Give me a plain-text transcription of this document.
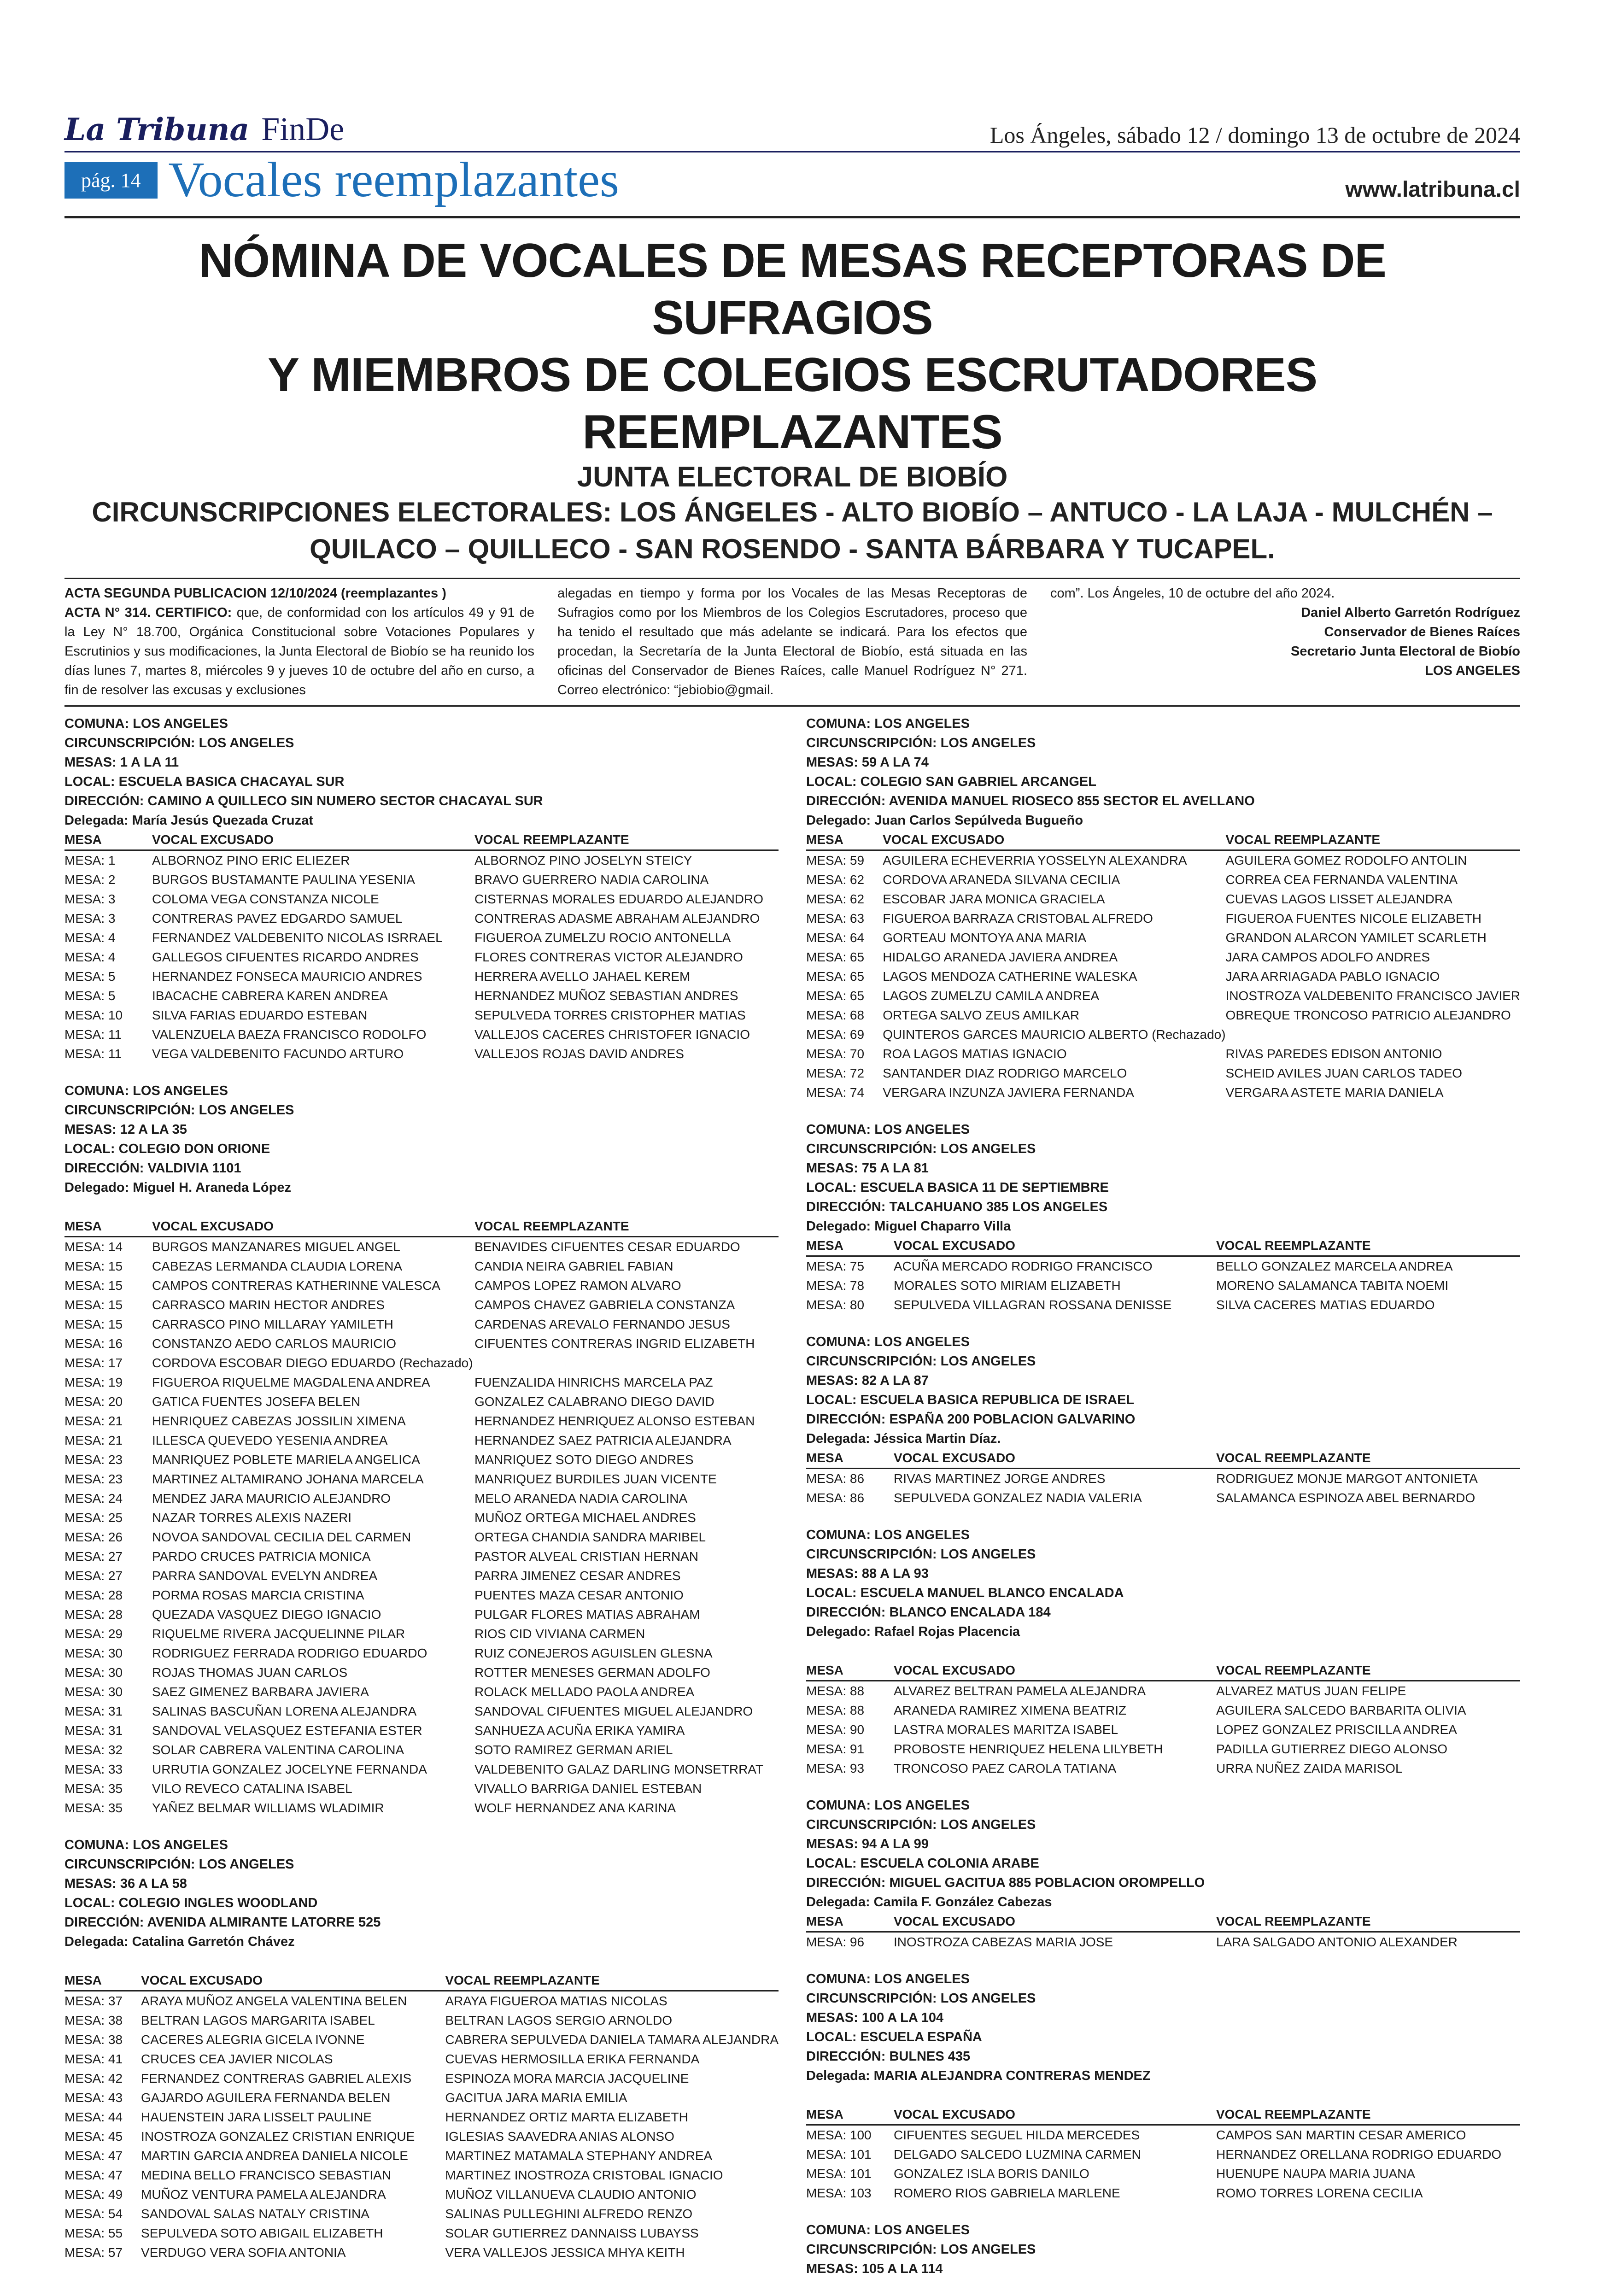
La Tribuna FinDe	Los Ángeles, sábado 12 / domingo 13 de octubre de 2024
pág. 14 Vocales reemplazantes	www.latribuna.cl
NÓMINA DE VOCALES DE MESAS RECEPTORAS DE SUFRAGIOS
Y MIEMBROS DE COLEGIOS ESCRUTADORES REEMPLAZANTES
JUNTA ELECTORAL DE BIOBÍO
CIRCUNSCRIPCIONES ELECTORALES: LOS ÁNGELES - ALTO BIOBÍO – ANTUCO - LA LAJA - MULCHÉN –
QUILACO – QUILLECO - SAN ROSENDO - SANTA BÁRBARA Y TUCAPEL.
ACTA SEGUNDA PUBLICACION 12/10/2024 (reemplazantes )
ACTA N° 314. CERTIFICO: que, de conformidad con los artículos 49 y 91 de la Ley N° 18.700, Orgánica Constitucional sobre Votaciones Populares y Escrutinios y sus modificaciones, la Junta Electoral de Biobío se ha reunido los días lunes 7, martes 8, miércoles 9 y jueves 10 de octubre del año en curso, a fin de resolver las excusas y exclusiones
alegadas en tiempo y forma por los Vocales de las Mesas Receptoras de Sufragios como por los Miembros de los Colegios Escrutadores, proceso que ha tenido el resultado que más adelante se indicará. Para los efectos que procedan, la Secretaría de la Junta Electoral de Biobío, está situada en las oficinas del Conservador de Bienes Raíces, calle Manuel Rodríguez N° 271. Correo electrónico: “jebiobio@gmail.
com”. Los Ángeles, 10 de octubre del año 2024.
Daniel Alberto Garretón Rodríguez
Conservador de Bienes Raíces
Secretario Junta Electoral de Biobío
LOS ANGELES
COMUNA: LOS ANGELES
CIRCUNSCRIPCIÓN: LOS ANGELES
MESAS: 1 A LA 11
LOCAL: ESCUELA BASICA CHACAYAL SUR
DIRECCIÓN: CAMINO A QUILLECO SIN NUMERO SECTOR CHACAYAL SUR
Delegada: María Jesús Quezada Cruzat
MESA	VOCAL EXCUSADO	VOCAL REEMPLAZANTE
MESA: 1	ALBORNOZ PINO ERIC ELIEZER	ALBORNOZ PINO JOSELYN STEICY
MESA: 2	BURGOS BUSTAMANTE PAULINA YESENIA	BRAVO GUERRERO NADIA CAROLINA
MESA: 3	COLOMA VEGA CONSTANZA NICOLE	CISTERNAS MORALES EDUARDO ALEJANDRO
MESA: 3	CONTRERAS PAVEZ EDGARDO SAMUEL	CONTRERAS ADASME ABRAHAM ALEJANDRO
MESA: 4	FERNANDEZ VALDEBENITO NICOLAS ISRRAEL	FIGUEROA ZUMELZU ROCIO ANTONELLA
MESA: 4	GALLEGOS CIFUENTES RICARDO ANDRES	FLORES CONTRERAS VICTOR ALEJANDRO
MESA: 5	HERNANDEZ FONSECA MAURICIO ANDRES	HERRERA AVELLO JAHAEL KEREM
MESA: 5	IBACACHE CABRERA KAREN ANDREA	HERNANDEZ MUÑOZ SEBASTIAN ANDRES
MESA: 10	SILVA FARIAS EDUARDO ESTEBAN	SEPULVEDA TORRES CRISTOPHER MATIAS
MESA: 11	VALENZUELA BAEZA FRANCISCO RODOLFO	VALLEJOS CACERES CHRISTOFER IGNACIO
MESA: 11	VEGA VALDEBENITO FACUNDO ARTURO	VALLEJOS ROJAS DAVID ANDRES
COMUNA: LOS ANGELES
CIRCUNSCRIPCIÓN: LOS ANGELES
MESAS: 12 A LA 35
LOCAL: COLEGIO DON ORIONE
DIRECCIÓN: VALDIVIA 1101
Delegado: Miguel H. Araneda López
MESA	VOCAL EXCUSADO	VOCAL REEMPLAZANTE
MESA: 14	BURGOS MANZANARES MIGUEL ANGEL	BENAVIDES CIFUENTES CESAR EDUARDO
MESA: 15	CABEZAS LERMANDA CLAUDIA LORENA	CANDIA NEIRA GABRIEL FABIAN
MESA: 15	CAMPOS CONTRERAS KATHERINNE VALESCA	CAMPOS LOPEZ RAMON ALVARO
MESA: 15	CARRASCO MARIN HECTOR ANDRES	CAMPOS CHAVEZ GABRIELA CONSTANZA
MESA: 15	CARRASCO PINO MILLARAY YAMILETH	CARDENAS AREVALO FERNANDO JESUS
MESA: 16	CONSTANZO AEDO CARLOS MAURICIO	CIFUENTES CONTRERAS INGRID ELIZABETH
MESA: 17	CORDOVA ESCOBAR DIEGO EDUARDO (Rechazado)	
MESA: 19	FIGUEROA RIQUELME MAGDALENA ANDREA	FUENZALIDA HINRICHS MARCELA PAZ
MESA: 20	GATICA FUENTES JOSEFA BELEN	GONZALEZ CALABRANO DIEGO DAVID
MESA: 21	HENRIQUEZ CABEZAS JOSSILIN XIMENA	HERNANDEZ HENRIQUEZ ALONSO ESTEBAN
MESA: 21	ILLESCA QUEVEDO YESENIA ANDREA	HERNANDEZ SAEZ PATRICIA ALEJANDRA
MESA: 23	MANRIQUEZ POBLETE MARIELA ANGELICA	MANRIQUEZ SOTO DIEGO ANDRES
MESA: 23	MARTINEZ ALTAMIRANO JOHANA MARCELA	MANRIQUEZ BURDILES JUAN VICENTE
MESA: 24	MENDEZ JARA MAURICIO ALEJANDRO	MELO ARANEDA NADIA CAROLINA
MESA: 25	NAZAR TORRES ALEXIS NAZERI	MUÑOZ ORTEGA MICHAEL ANDRES
MESA: 26	NOVOA SANDOVAL CECILIA DEL CARMEN	ORTEGA CHANDIA SANDRA MARIBEL
MESA: 27	PARDO CRUCES PATRICIA MONICA	PASTOR ALVEAL CRISTIAN HERNAN
MESA: 27	PARRA SANDOVAL EVELYN ANDREA	PARRA JIMENEZ CESAR ANDRES
MESA: 28	PORMA ROSAS MARCIA CRISTINA	PUENTES MAZA CESAR ANTONIO
MESA: 28	QUEZADA VASQUEZ DIEGO IGNACIO	PULGAR FLORES MATIAS ABRAHAM
MESA: 29	RIQUELME RIVERA JACQUELINNE PILAR	RIOS CID VIVIANA CARMEN
MESA: 30	RODRIGUEZ FERRADA RODRIGO EDUARDO	RUIZ CONEJEROS AGUISLEN GLESNA
MESA: 30	ROJAS THOMAS JUAN CARLOS	ROTTER MENESES GERMAN ADOLFO
MESA: 30	SAEZ GIMENEZ BARBARA JAVIERA	ROLACK MELLADO PAOLA ANDREA
MESA: 31	SALINAS BASCUÑAN LORENA ALEJANDRA	SANDOVAL CIFUENTES MIGUEL ALEJANDRO
MESA: 31	SANDOVAL VELASQUEZ ESTEFANIA ESTER	SANHUEZA ACUÑA ERIKA YAMIRA
MESA: 32	SOLAR CABRERA VALENTINA CAROLINA	SOTO RAMIREZ GERMAN ARIEL
MESA: 33	URRUTIA GONZALEZ JOCELYNE FERNANDA	VALDEBENITO GALAZ DARLING MONSETRRAT
MESA: 35	VILO REVECO CATALINA ISABEL	VIVALLO BARRIGA DANIEL ESTEBAN
MESA: 35	YAÑEZ BELMAR WILLIAMS WLADIMIR	WOLF HERNANDEZ ANA KARINA
COMUNA: LOS ANGELES
CIRCUNSCRIPCIÓN: LOS ANGELES
MESAS: 36 A LA 58
LOCAL: COLEGIO INGLES WOODLAND
DIRECCIÓN: AVENIDA ALMIRANTE LATORRE 525
Delegada: Catalina Garretón Chávez
MESA	VOCAL EXCUSADO	VOCAL REEMPLAZANTE
MESA: 37	ARAYA MUÑOZ ANGELA VALENTINA BELEN	ARAYA FIGUEROA MATIAS NICOLAS
MESA: 38	BELTRAN LAGOS MARGARITA ISABEL	BELTRAN LAGOS SERGIO ARNOLDO
MESA: 38	CACERES ALEGRIA GICELA IVONNE	CABRERA SEPULVEDA DANIELA TAMARA ALEJANDRA
MESA: 41	CRUCES CEA JAVIER NICOLAS	CUEVAS HERMOSILLA ERIKA FERNANDA
MESA: 42	FERNANDEZ CONTRERAS GABRIEL ALEXIS	ESPINOZA MORA MARCIA JACQUELINE
MESA: 43	GAJARDO AGUILERA FERNANDA BELEN	GACITUA JARA MARIA EMILIA
MESA: 44	HAUENSTEIN JARA LISSELT PAULINE	HERNANDEZ ORTIZ MARTA ELIZABETH
MESA: 45	INOSTROZA GONZALEZ CRISTIAN ENRIQUE	IGLESIAS SAAVEDRA ANIAS ALONSO
MESA: 47	MARTIN GARCIA ANDREA DANIELA NICOLE	MARTINEZ MATAMALA STEPHANY ANDREA
MESA: 47	MEDINA BELLO FRANCISCO SEBASTIAN	MARTINEZ INOSTROZA CRISTOBAL IGNACIO
MESA: 49	MUÑOZ VENTURA PAMELA ALEJANDRA	MUÑOZ VILLANUEVA CLAUDIO ANTONIO
MESA: 54	SANDOVAL SALAS NATALY CRISTINA	SALINAS PULLEGHINI ALFREDO RENZO
MESA: 55	SEPULVEDA SOTO ABIGAIL ELIZABETH	SOLAR GUTIERREZ DANNAISS LUBAYSS
MESA: 57	VERDUGO VERA SOFIA ANTONIA	VERA VALLEJOS JESSICA MHYA KEITH
COMUNA: LOS ANGELES
CIRCUNSCRIPCIÓN: LOS ANGELES
MESAS: 59 A LA 74
LOCAL: COLEGIO SAN GABRIEL ARCANGEL
DIRECCIÓN: AVENIDA MANUEL RIOSECO 855 SECTOR EL AVELLANO
Delegado: Juan Carlos Sepúlveda Bugueño
MESA	VOCAL EXCUSADO	VOCAL REEMPLAZANTE
MESA: 59	AGUILERA ECHEVERRIA YOSSELYN ALEXANDRA	AGUILERA GOMEZ RODOLFO ANTOLIN
MESA: 62	CORDOVA ARANEDA SILVANA CECILIA	CORREA CEA FERNANDA VALENTINA
MESA: 62	ESCOBAR JARA MONICA GRACIELA	CUEVAS LAGOS LISSET ALEJANDRA
MESA: 63	FIGUEROA BARRAZA CRISTOBAL ALFREDO	FIGUEROA FUENTES NICOLE ELIZABETH
MESA: 64	GORTEAU MONTOYA ANA MARIA	GRANDON ALARCON YAMILET SCARLETH
MESA: 65	HIDALGO ARANEDA JAVIERA ANDREA	JARA CAMPOS ADOLFO ANDRES
MESA: 65	LAGOS MENDOZA CATHERINE WALESKA	JARA ARRIAGADA PABLO IGNACIO
MESA: 65	LAGOS ZUMELZU CAMILA ANDREA	INOSTROZA VALDEBENITO FRANCISCO JAVIER
MESA: 68	ORTEGA SALVO ZEUS AMILKAR	OBREQUE TRONCOSO PATRICIO ALEJANDRO
MESA: 69	QUINTEROS GARCES MAURICIO ALBERTO (Rechazado)	
MESA: 70	ROA LAGOS MATIAS IGNACIO	RIVAS PAREDES EDISON ANTONIO
MESA: 72	SANTANDER DIAZ RODRIGO MARCELO	SCHEID AVILES JUAN CARLOS TADEO
MESA: 74	VERGARA INZUNZA JAVIERA FERNANDA	VERGARA ASTETE MARIA DANIELA
COMUNA: LOS ANGELES
CIRCUNSCRIPCIÓN: LOS ANGELES
MESAS: 75 A LA 81
LOCAL: ESCUELA BASICA 11 DE SEPTIEMBRE
DIRECCIÓN: TALCAHUANO 385 LOS ANGELES
Delegado: Miguel Chaparro Villa
MESA	VOCAL EXCUSADO	VOCAL REEMPLAZANTE
MESA: 75	ACUÑA MERCADO RODRIGO FRANCISCO	BELLO GONZALEZ MARCELA ANDREA
MESA: 78	MORALES SOTO MIRIAM ELIZABETH	MORENO SALAMANCA TABITA NOEMI
MESA: 80	SEPULVEDA VILLAGRAN ROSSANA DENISSE	SILVA CACERES MATIAS EDUARDO
COMUNA: LOS ANGELES
CIRCUNSCRIPCIÓN: LOS ANGELES
MESAS: 82 A LA 87
LOCAL: ESCUELA BASICA REPUBLICA DE ISRAEL
DIRECCIÓN: ESPAÑA 200 POBLACION GALVARINO
Delegada: Jéssica Martin Díaz.
MESA	VOCAL EXCUSADO	VOCAL REEMPLAZANTE
MESA: 86	RIVAS MARTINEZ JORGE ANDRES	RODRIGUEZ MONJE MARGOT ANTONIETA
MESA: 86	SEPULVEDA GONZALEZ NADIA VALERIA	SALAMANCA ESPINOZA ABEL BERNARDO
COMUNA: LOS ANGELES
CIRCUNSCRIPCIÓN: LOS ANGELES
MESAS: 88 A LA 93
LOCAL: ESCUELA MANUEL BLANCO ENCALADA
DIRECCIÓN: BLANCO ENCALADA 184
Delegado: Rafael Rojas Placencia
MESA	VOCAL EXCUSADO	VOCAL REEMPLAZANTE
MESA: 88	ALVAREZ BELTRAN PAMELA ALEJANDRA	ALVAREZ MATUS JUAN FELIPE
MESA: 88	ARANEDA RAMIREZ XIMENA BEATRIZ	AGUILERA SALCEDO BARBARITA OLIVIA
MESA: 90	LASTRA MORALES MARITZA ISABEL	LOPEZ GONZALEZ PRISCILLA ANDREA
MESA: 91	PROBOSTE HENRIQUEZ HELENA LILYBETH	PADILLA GUTIERREZ DIEGO ALONSO
MESA: 93	TRONCOSO PAEZ CAROLA TATIANA	URRA NUÑEZ ZAIDA MARISOL
COMUNA: LOS ANGELES
CIRCUNSCRIPCIÓN: LOS ANGELES
MESAS: 94 A LA 99
LOCAL: ESCUELA COLONIA ARABE
DIRECCIÓN: MIGUEL GACITUA 885 POBLACION OROMPELLO
Delegada: Camila F. González Cabezas
MESA	VOCAL EXCUSADO	VOCAL REEMPLAZANTE
MESA: 96	INOSTROZA CABEZAS MARIA JOSE	LARA SALGADO ANTONIO ALEXANDER
COMUNA: LOS ANGELES
CIRCUNSCRIPCIÓN: LOS ANGELES
MESAS: 100 A LA 104
LOCAL: ESCUELA ESPAÑA
DIRECCIÓN: BULNES 435
Delegada: MARIA ALEJANDRA CONTRERAS MENDEZ
MESA	VOCAL EXCUSADO	VOCAL REEMPLAZANTE
MESA: 100	CIFUENTES SEGUEL HILDA MERCEDES	CAMPOS SAN MARTIN CESAR AMERICO
MESA: 101	DELGADO SALCEDO LUZMINA CARMEN	HERNANDEZ ORELLANA RODRIGO EDUARDO
MESA: 101	GONZALEZ ISLA BORIS DANILO	HUENUPE NAUPA MARIA JUANA
MESA: 103	ROMERO RIOS GABRIELA MARLENE	ROMO TORRES LORENA CECILIA
COMUNA: LOS ANGELES
CIRCUNSCRIPCIÓN: LOS ANGELES
MESAS: 105 A LA 114
